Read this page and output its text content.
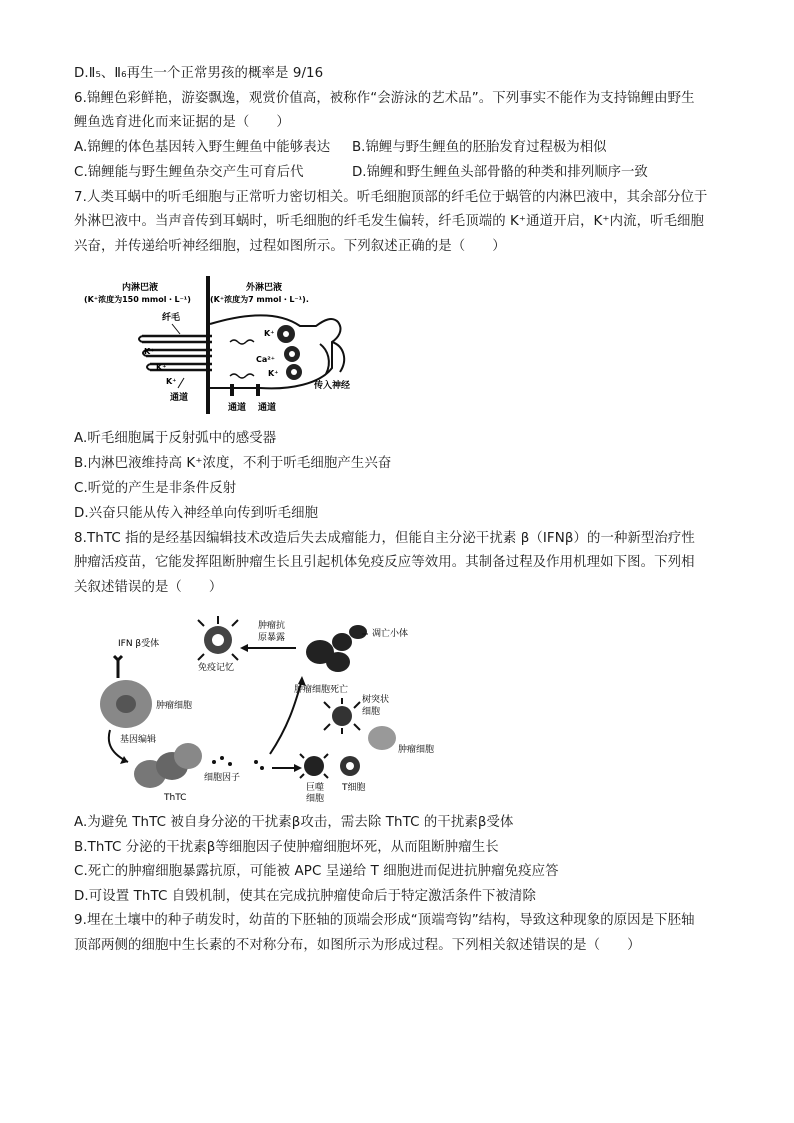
D.Ⅱ₅、Ⅱ₆再生一个正常男孩的概率是 9/16
6.锦鲤色彩鲜艳，游姿飘逸，观赏价值高，被称作“会游泳的艺术品”。下列事实不能作为支持锦鲤由野生
鲤鱼选育进化而来证据的是（　　）
A.锦鲤的体色基因转入野生鲤鱼中能够表达 B.锦鲤与野生鲤鱼的胚胎发育过程极为相似
C.锦鲤能与野生鲤鱼杂交产生可育后代	D.锦鲤和野生鲤鱼头部骨骼的种类和排列顺序一致
7.人类耳蜗中的听毛细胞与正常听力密切相关。听毛细胞顶部的纤毛位于蜗管的内淋巴液中，其余部分位于
外淋巴液中。当声音传到耳蜗时，听毛细胞的纤毛发生偏转，纤毛顶端的 K⁺通道开启，K⁺内流，听毛细胞
兴奋，并传递给听神经细胞，过程如图所示。下列叙述正确的是（　　）
内淋巴液
(K⁺浓度为150 mmol・L⁻¹)
外淋巴液
(K⁺浓度为7 mmol・L⁻¹).
纤毛
K⁺
K⁺
K⁺
通道
Ca²⁺
K⁺
K⁺
通道 通道
传入神经
A.听毛细胞属于反射弧中的感受器
B.内淋巴液维持高 K⁺浓度，不利于听毛细胞产生兴奋
C.听觉的产生是非条件反射
D.兴奋只能从传入神经单向传到听毛细胞
8.ThTC 指的是经基因编辑技术改造后失去成瘤能力，但能自主分泌干扰素 β（IFNβ）的一种新型治疗性
肿瘤活疫苗，它能发挥阻断肿瘤生长且引起机体免疫反应等效用。其制备过程及作用机理如下图。下列相
关叙述错误的是（　　）
IFN β受体
肿瘤细胞
基因编辑
ThTC
细胞因子
免疫记忆
肿瘤抗
原暴露	凋亡小体
肿瘤细胞死亡
树突状
细胞
肿瘤细胞
巨噬
细胞
T细胞
A.为避免 ThTC 被自身分泌的干扰素β攻击，需去除 ThTC 的干扰素β受体
B.ThTC 分泌的干扰素β等细胞因子使肿瘤细胞坏死，从而阻断肿瘤生长
C.死亡的肿瘤细胞暴露抗原，可能被 APC 呈递给 T 细胞进而促进抗肿瘤免疫应答
D.可设置 ThTC 自毁机制，使其在完成抗肿瘤使命后于特定激活条件下被清除
9.埋在土壤中的种子萌发时，幼苗的下胚轴的顶端会形成“顶端弯钩”结构，导致这种现象的原因是下胚轴
顶部两侧的细胞中生长素的不对称分布，如图所示为形成过程。下列相关叙述错误的是（　　）
